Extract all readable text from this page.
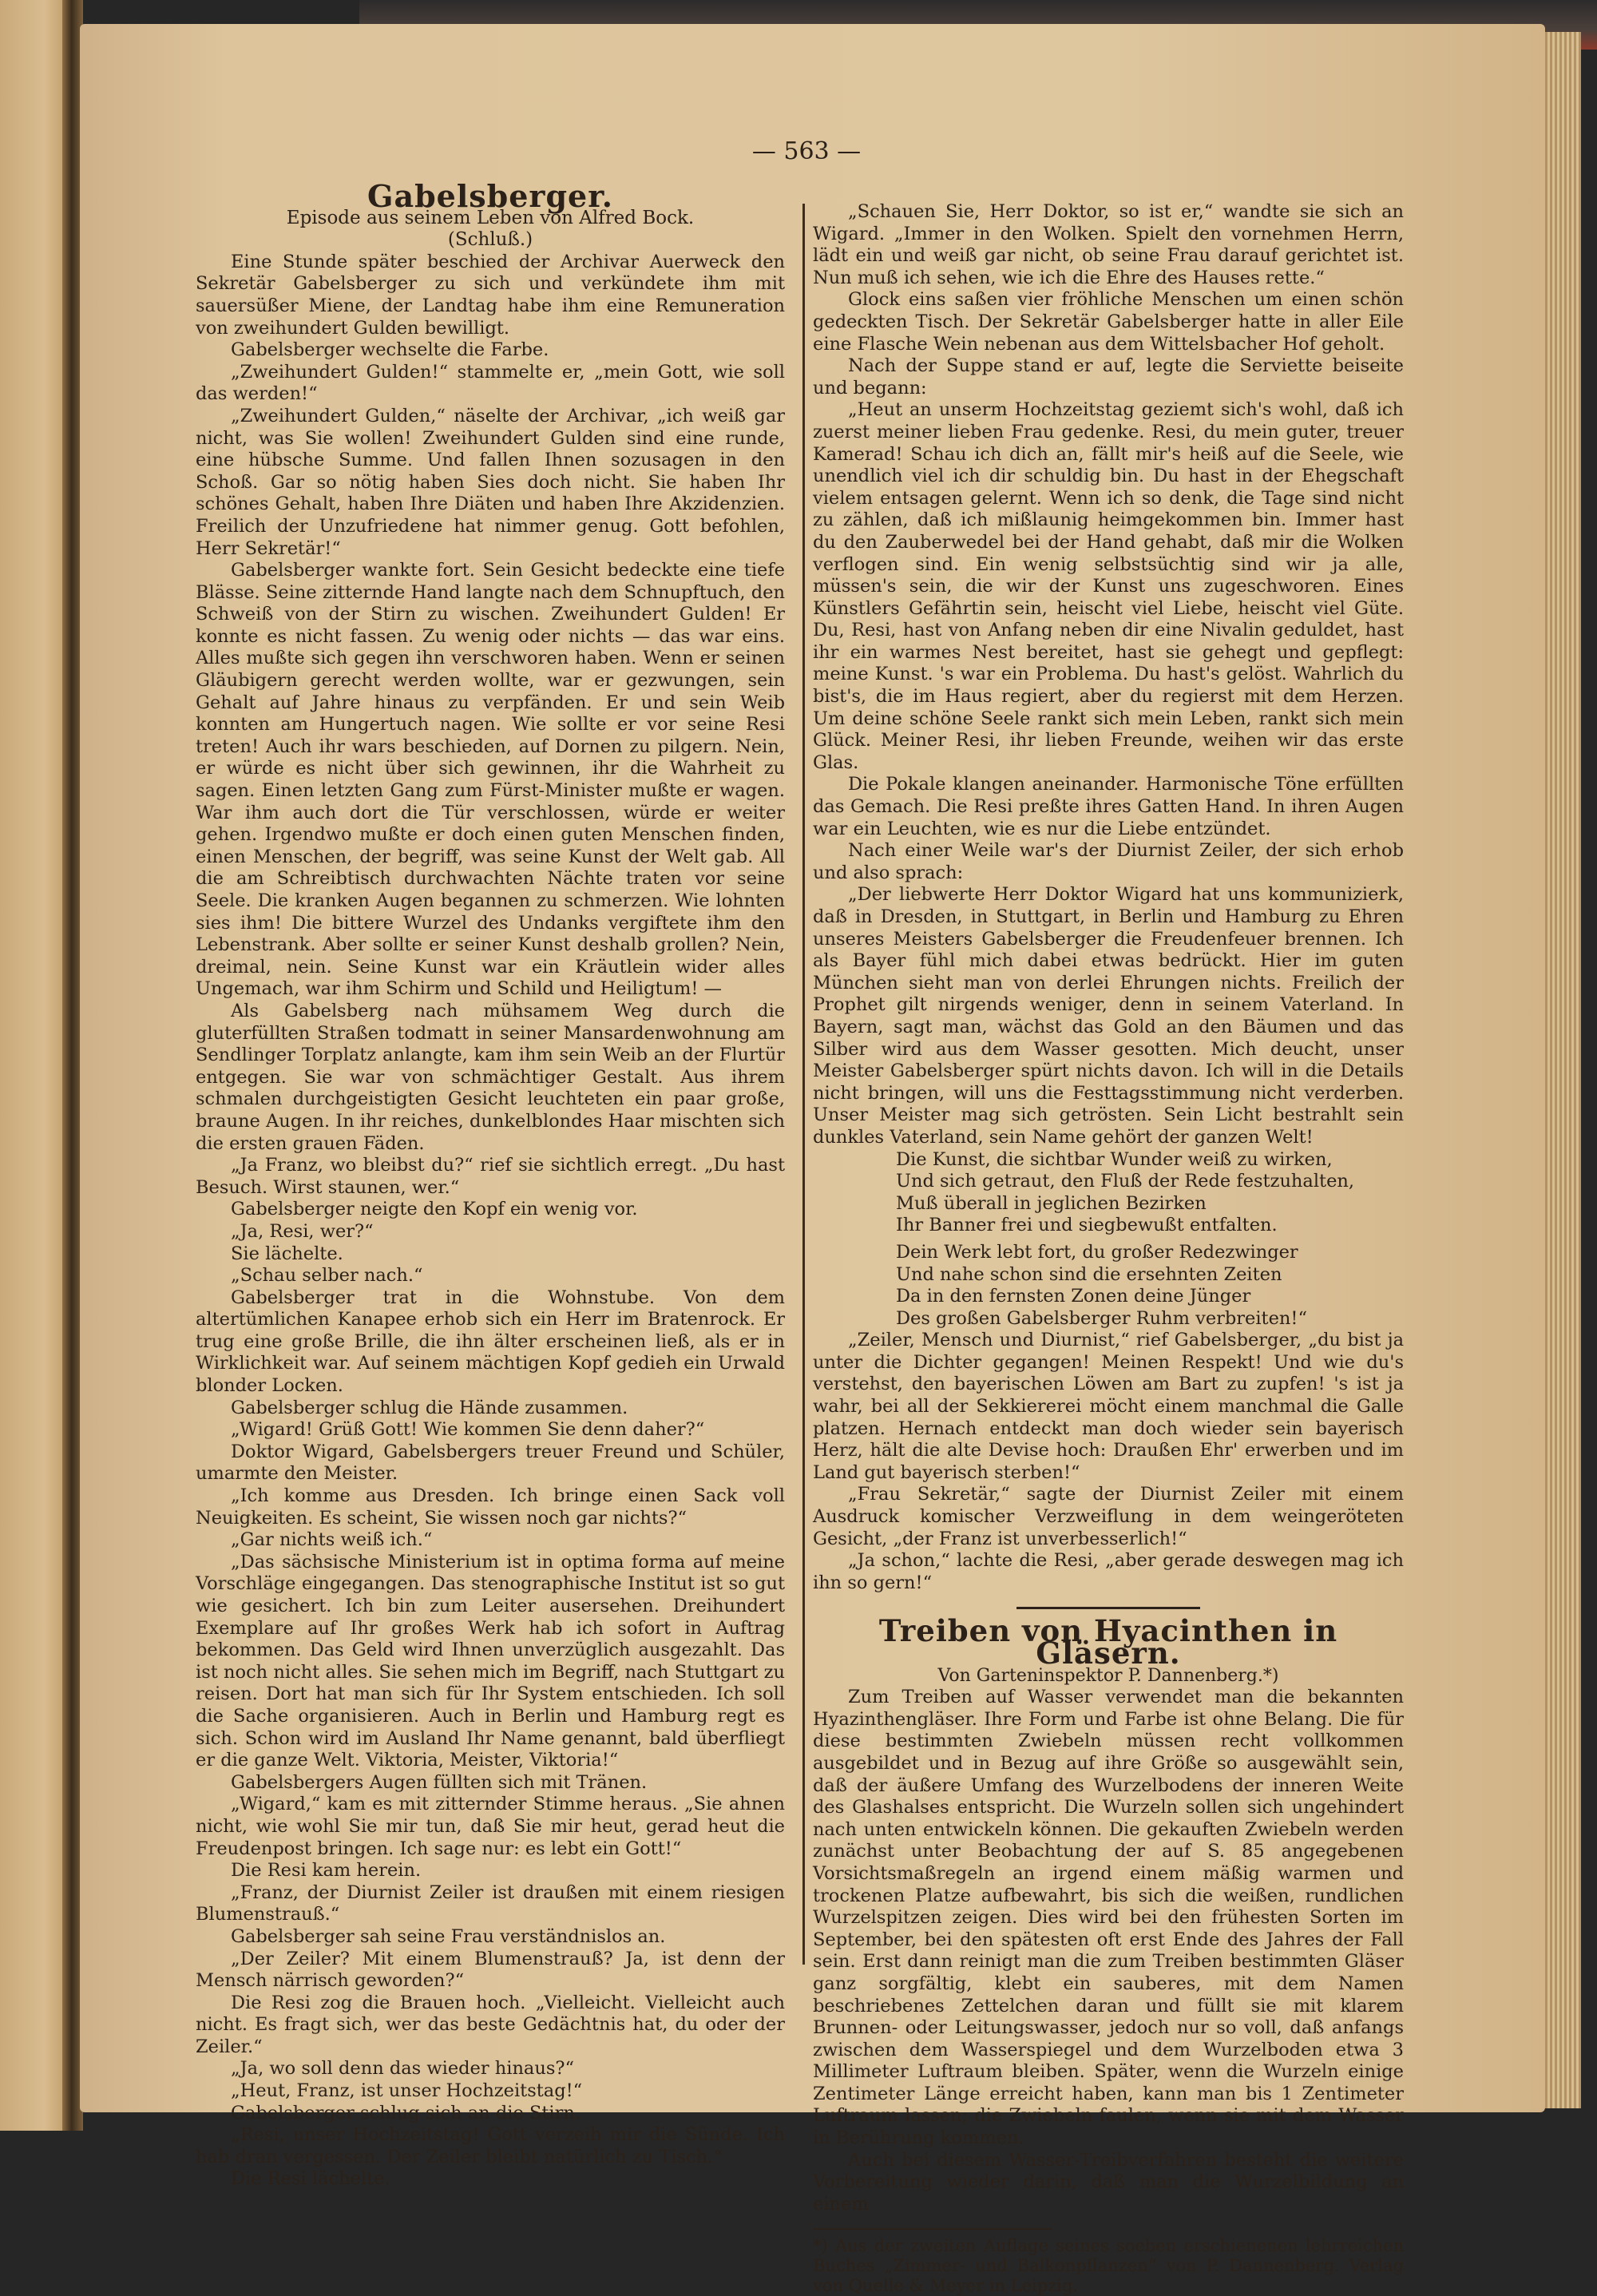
— 563 —

Gabelsberger.

Episode aus seinem Leben von Alfred Bock.

(Schluß.)

Eine Stunde später beschied der Archivar Auerweck den Sekretär Gabelsberger zu sich und verkündete ihm mit sauersüßer Miene, der Landtag habe ihm eine Remuneration von zweihundert Gulden bewilligt.

Gabelsberger wechselte die Farbe.

„Zweihundert Gulden!“ stammelte er, „mein Gott, wie soll das werden!“

„Zweihundert Gulden,“ näselte der Archivar, „ich weiß gar nicht, was Sie wollen! Zweihundert Gulden sind eine runde, eine hübsche Summe. Und fallen Ihnen sozusagen in den Schoß. Gar so nötig haben Sies doch nicht. Sie haben Ihr schönes Gehalt, haben Ihre Diäten und haben Ihre Akzidenzien. Freilich der Unzufriedene hat nimmer genug. Gott befohlen, Herr Sekretär!“

Gabelsberger wankte fort. Sein Gesicht bedeckte eine tiefe Blässe. Seine zitternde Hand langte nach dem Schnupftuch, den Schweiß von der Stirn zu wischen. Zweihundert Gulden! Er konnte es nicht fassen. Zu wenig oder nichts — das war eins. Alles mußte sich gegen ihn verschworen haben. Wenn er seinen Gläubigern gerecht werden wollte, war er gezwungen, sein Gehalt auf Jahre hinaus zu verpfänden. Er und sein Weib konnten am Hungertuch nagen. Wie sollte er vor seine Resi treten! Auch ihr wars beschieden, auf Dornen zu pilgern. Nein, er würde es nicht über sich gewinnen, ihr die Wahrheit zu sagen. Einen letzten Gang zum Fürst-Minister mußte er wagen. War ihm auch dort die Tür verschlossen, würde er weiter gehen. Irgendwo mußte er doch einen guten Menschen finden, einen Menschen, der begriff, was seine Kunst der Welt gab. All die am Schreibtisch durchwachten Nächte traten vor seine Seele. Die kranken Augen begannen zu schmerzen. Wie lohnten sies ihm! Die bittere Wurzel des Undanks vergiftete ihm den Lebenstrank. Aber sollte er seiner Kunst deshalb grollen? Nein, dreimal, nein. Seine Kunst war ein Kräutlein wider alles Ungemach, war ihm Schirm und Schild und Heiligtum! —

Als Gabelsberg nach mühsamem Weg durch die gluterfüllten Straßen todmatt in seiner Mansardenwohnung am Sendlinger Torplatz anlangte, kam ihm sein Weib an der Flurtür entgegen. Sie war von schmächtiger Gestalt. Aus ihrem schmalen durchgeistigten Gesicht leuchteten ein paar große, braune Augen. In ihr reiches, dunkelblondes Haar mischten sich die ersten grauen Fäden.

„Ja Franz, wo bleibst du?“ rief sie sichtlich erregt. „Du hast Besuch. Wirst staunen, wer.“

Gabelsberger neigte den Kopf ein wenig vor.

„Ja, Resi, wer?“

Sie lächelte.

„Schau selber nach.“

Gabelsberger trat in die Wohnstube. Von dem altertümlichen Kanapee erhob sich ein Herr im Bratenrock. Er trug eine große Brille, die ihn älter erscheinen ließ, als er in Wirklichkeit war. Auf seinem mächtigen Kopf gedieh ein Urwald blonder Locken.

Gabelsberger schlug die Hände zusammen.

„Wigard! Grüß Gott! Wie kommen Sie denn daher?“

Doktor Wigard, Gabelsbergers treuer Freund und Schüler, umarmte den Meister.

„Ich komme aus Dresden. Ich bringe einen Sack voll Neuigkeiten. Es scheint, Sie wissen noch gar nichts?“

„Gar nichts weiß ich.“

„Das sächsische Ministerium ist in optima forma auf meine Vorschläge eingegangen. Das stenographische Institut ist so gut wie gesichert. Ich bin zum Leiter ausersehen. Dreihundert Exemplare auf Ihr großes Werk hab ich sofort in Auftrag bekommen. Das Geld wird Ihnen unverzüglich ausgezahlt. Das ist noch nicht alles. Sie sehen mich im Begriff, nach Stuttgart zu reisen. Dort hat man sich für Ihr System entschieden. Ich soll die Sache organisieren. Auch in Berlin und Hamburg regt es sich. Schon wird im Ausland Ihr Name genannt, bald überfliegt er die ganze Welt. Viktoria, Meister, Viktoria!“

Gabelsbergers Augen füllten sich mit Tränen.

„Wigard,“ kam es mit zitternder Stimme heraus. „Sie ahnen nicht, wie wohl Sie mir tun, daß Sie mir heut, gerad heut die Freudenpost bringen. Ich sage nur: es lebt ein Gott!“

Die Resi kam herein.

„Franz, der Diurnist Zeiler ist draußen mit einem riesigen Blumenstrauß.“

Gabelsberger sah seine Frau verständnislos an.

„Der Zeiler? Mit einem Blumenstrauß? Ja, ist denn der Mensch närrisch geworden?“

Die Resi zog die Brauen hoch. „Vielleicht. Vielleicht auch nicht. Es fragt sich, wer das beste Gedächtnis hat, du oder der Zeiler.“

„Ja, wo soll denn das wieder hinaus?“

„Heut, Franz, ist unser Hochzeitstag!“

Gabelsberger schlug sich an die Stirn.

„Resi, unser Hochzeitstag! Gott verzeih mir die Sünde. Ich hab dran vergessen. Der Zeiler bleibt natürlich zu Tisch.“

Die Resi lächelte.

„Schauen Sie, Herr Doktor, so ist er,“ wandte sie sich an Wigard. „Immer in den Wolken. Spielt den vornehmen Herrn, lädt ein und weiß gar nicht, ob seine Frau darauf gerichtet ist. Nun muß ich sehen, wie ich die Ehre des Hauses rette.“

Glock eins saßen vier fröhliche Menschen um einen schön gedeckten Tisch. Der Sekretär Gabelsberger hatte in aller Eile eine Flasche Wein nebenan aus dem Wittelsbacher Hof geholt.

Nach der Suppe stand er auf, legte die Serviette beiseite und begann:

„Heut an unserm Hochzeitstag geziemt sich's wohl, daß ich zuerst meiner lieben Frau gedenke. Resi, du mein guter, treuer Kamerad! Schau ich dich an, fällt mir's heiß auf die Seele, wie unendlich viel ich dir schuldig bin. Du hast in der Ehegschaft vielem entsagen gelernt. Wenn ich so denk, die Tage sind nicht zu zählen, daß ich mißlaunig heimgekommen bin. Immer hast du den Zauberwedel bei der Hand gehabt, daß mir die Wolken verflogen sind. Ein wenig selbstsüchtig sind wir ja alle, müssen's sein, die wir der Kunst uns zugeschworen. Eines Künstlers Gefährtin sein, heischt viel Liebe, heischt viel Güte. Du, Resi, hast von Anfang neben dir eine Nivalin geduldet, hast ihr ein warmes Nest bereitet, hast sie gehegt und gepflegt: meine Kunst. 's war ein Problema. Du hast's gelöst. Wahrlich du bist's, die im Haus regiert, aber du regierst mit dem Herzen. Um deine schöne Seele rankt sich mein Leben, rankt sich mein Glück. Meiner Resi, ihr lieben Freunde, weihen wir das erste Glas.

Die Pokale klangen aneinander. Harmonische Töne erfüllten das Gemach. Die Resi preßte ihres Gatten Hand. In ihren Augen war ein Leuchten, wie es nur die Liebe entzündet.

Nach einer Weile war's der Diurnist Zeiler, der sich erhob und also sprach:

„Der liebwerte Herr Doktor Wigard hat uns kommunizierk, daß in Dresden, in Stuttgart, in Berlin und Hamburg zu Ehren unseres Meisters Gabelsberger die Freudenfeuer brennen. Ich als Bayer fühl mich dabei etwas bedrückt. Hier im guten München sieht man von derlei Ehrungen nichts. Freilich der Prophet gilt nirgends weniger, denn in seinem Vaterland. In Bayern, sagt man, wächst das Gold an den Bäumen und das Silber wird aus dem Wasser gesotten. Mich deucht, unser Meister Gabelsberger spürt nichts davon. Ich will in die Details nicht bringen, will uns die Festtagsstimmung nicht verderben. Unser Meister mag sich getrösten. Sein Licht bestrahlt sein dunkles Vaterland, sein Name gehört der ganzen Welt!

Die Kunst, die sichtbar Wunder weiß zu wirken,

Und sich getraut, den Fluß der Rede festzuhalten,

Muß überall in jeglichen Bezirken

Ihr Banner frei und siegbewußt entfalten.

Dein Werk lebt fort, du großer Redezwinger

Und nahe schon sind die ersehnten Zeiten

Da in den fernsten Zonen deine Jünger

Des großen Gabelsberger Ruhm verbreiten!“

„Zeiler, Mensch und Diurnist,“ rief Gabelsberger, „du bist ja unter die Dichter gegangen! Meinen Respekt! Und wie du's verstehst, den bayerischen Löwen am Bart zu zupfen! 's ist ja wahr, bei all der Sekkiererei möcht einem manchmal die Galle platzen. Hernach entdeckt man doch wieder sein bayerisch Herz, hält die alte Devise hoch: Draußen Ehr' erwerben und im Land gut bayerisch sterben!“

„Frau Sekretär,“ sagte der Diurnist Zeiler mit einem Ausdruck komischer Verzweiflung in dem weingeröteten Gesicht, „der Franz ist unverbesserlich!“

„Ja schon,“ lachte die Resi, „aber gerade deswegen mag ich ihn so gern!“

Treiben von Hyacinthen in Gläsern.

Von Garteninspektor P. Dannenberg.*)

Zum Treiben auf Wasser verwendet man die bekannten Hyazinthengläser. Ihre Form und Farbe ist ohne Belang. Die für diese bestimmten Zwiebeln müssen recht vollkommen ausgebildet und in Bezug auf ihre Größe so ausgewählt sein, daß der äußere Umfang des Wurzelbodens der inneren Weite des Glashalses entspricht. Die Wurzeln sollen sich ungehindert nach unten entwickeln können. Die gekauften Zwiebeln werden zunächst unter Beobachtung der auf S. 85 angegebenen Vorsichtsmaßregeln an irgend einem mäßig warmen und trockenen Platze aufbewahrt, bis sich die weißen, rundlichen Wurzelspitzen zeigen. Dies wird bei den frühesten Sorten im September, bei den spätesten oft erst Ende des Jahres der Fall sein. Erst dann reinigt man die zum Treiben bestimmten Gläser ganz sorgfältig, klebt ein sauberes, mit dem Namen beschriebenes Zettelchen daran und füllt sie mit klarem Brunnen- oder Leitungswasser, jedoch nur so voll, daß anfangs zwischen dem Wasserspiegel und dem Wurzelboden etwa 3 Millimeter Luftraum bleiben. Später, wenn die Wurzeln einige Zentimeter Länge erreicht haben, kann man bis 1 Zentimeter Luftraum lassen; die Zwiebeln faulen, wenn sie mit dem Wasser in Berührung kommen.

Auch bei diesem Wasser-Treibverfahren besteht die weitere Vorbereitung wieder darin, daß man die Wurzelbildung an einem

*) Aus der zweiten Auflage seines soeben erschienenen lehrreichen Buches „Zimmer- und Balkonpflanzen“ von P. Dannenberg. Verlag von Quelle & Meyer in Leipzig.
